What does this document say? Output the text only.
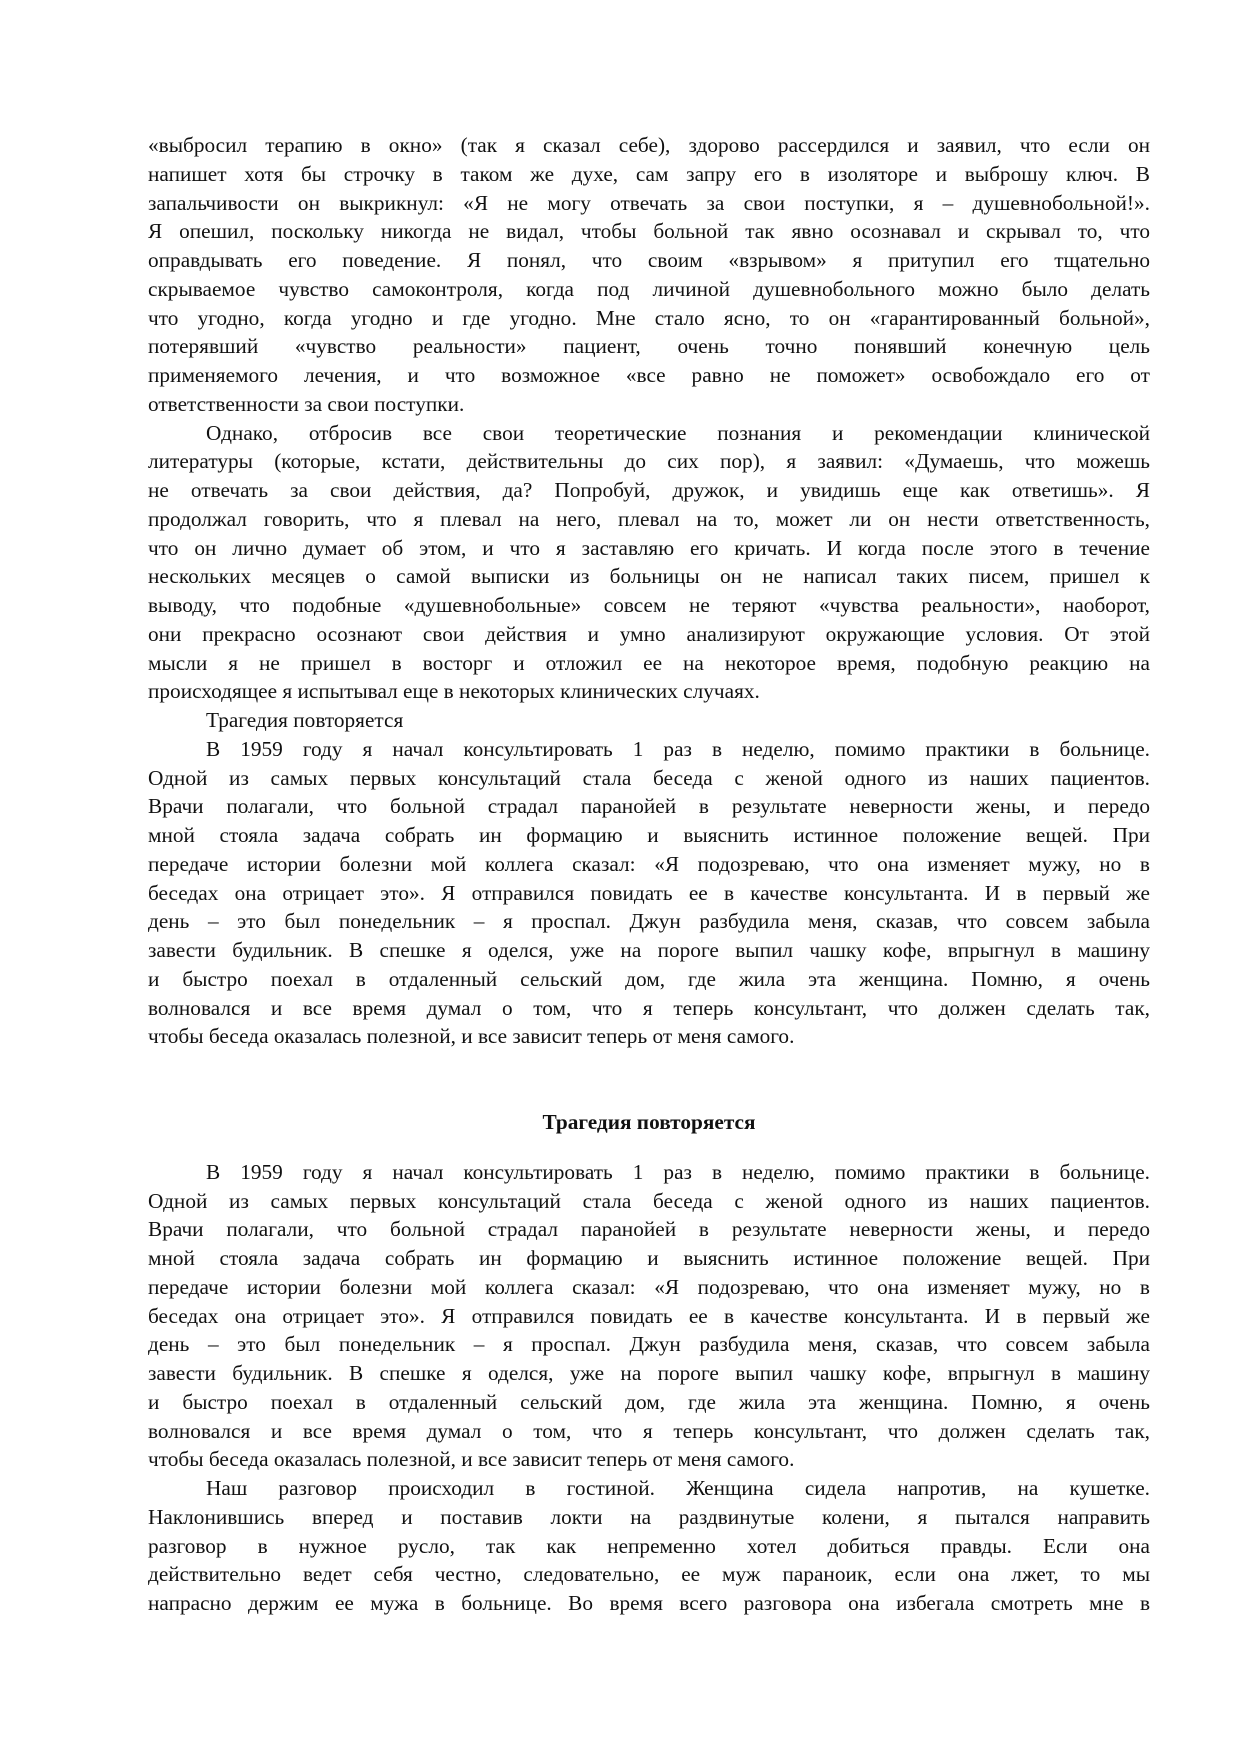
«выбросил терапию в окно» (так я сказал себе), здорово рассердился и заявил, что если он
напишет хотя бы строчку в таком же духе, сам запру его в изоляторе и выброшу ключ. В
запальчивости он выкрикнул: «Я не могу отвечать за свои поступки, я – душевнобольной!».
Я опешил, поскольку никогда не видал, чтобы больной так явно осознавал и скрывал то, что
оправдывать его поведение. Я понял, что своим «взрывом» я притупил его тщательно
скрываемое чувство самоконтроля, когда под личиной душевнобольного можно было делать
что угодно, когда угодно и где угодно. Мне стало ясно, то он «гарантированный больной»,
потерявший «чувство реальности» пациент, очень точно понявший конечную цель
применяемого лечения, и что возможное «все равно не поможет» освобождало его от
ответственности за свои поступки.
Однако, отбросив все свои теоретические познания и рекомендации клинической
литературы (которые, кстати, действительны до сих пор), я заявил: «Думаешь, что можешь
не отвечать за свои действия, да? Попробуй, дружок, и увидишь еще как ответишь». Я
продолжал говорить, что я плевал на него, плевал на то, может ли он нести ответственность,
что он лично думает об этом, и что я заставляю его кричать. И когда после этого в течение
нескольких месяцев о самой выписки из больницы он не написал таких писем, пришел к
выводу, что подобные «душевнобольные» совсем не теряют «чувства реальности», наоборот,
они прекрасно осознают свои действия и умно анализируют окружающие условия. От этой
мысли я не пришел в восторг и отложил ее на некоторое время, подобную реакцию на
происходящее я испытывал еще в некоторых клинических случаях.
Трагедия повторяется
В 1959 году я начал консультировать 1 раз в неделю, помимо практики в больнице.
Одной из самых первых консультаций стала беседа с женой одного из наших пациентов.
Врачи полагали, что больной страдал паранойей в результате неверности жены, и передо
мной стояла задача собрать ин формацию и выяснить истинное положение вещей. При
передаче истории болезни мой коллега сказал: «Я подозреваю, что она изменяет мужу, но в
беседах она отрицает это». Я отправился повидать ее в качестве консультанта. И в первый же
день – это был понедельник – я проспал. Джун разбудила меня, сказав, что совсем забыла
завести будильник. В спешке я оделся, уже на пороге выпил чашку кофе, впрыгнул в машину
и быстро поехал в отдаленный сельский дом, где жила эта женщина. Помню, я очень
волновался и все время думал о том, что я теперь консультант, что должен сделать так,
чтобы беседа оказалась полезной, и все зависит теперь от меня самого.
Трагедия повторяется
В 1959 году я начал консультировать 1 раз в неделю, помимо практики в больнице.
Одной из самых первых консультаций стала беседа с женой одного из наших пациентов.
Врачи полагали, что больной страдал паранойей в результате неверности жены, и передо
мной стояла задача собрать ин формацию и выяснить истинное положение вещей. При
передаче истории болезни мой коллега сказал: «Я подозреваю, что она изменяет мужу, но в
беседах она отрицает это». Я отправился повидать ее в качестве консультанта. И в первый же
день – это был понедельник – я проспал. Джун разбудила меня, сказав, что совсем забыла
завести будильник. В спешке я оделся, уже на пороге выпил чашку кофе, впрыгнул в машину
и быстро поехал в отдаленный сельский дом, где жила эта женщина. Помню, я очень
волновался и все время думал о том, что я теперь консультант, что должен сделать так,
чтобы беседа оказалась полезной, и все зависит теперь от меня самого.
Наш разговор происходил в гостиной. Женщина сидела напротив, на кушетке.
Наклонившись вперед и поставив локти на раздвинутые колени, я пытался направить
разговор в нужное русло, так как непременно хотел добиться правды. Если она
действительно ведет себя честно, следовательно, ее муж параноик, если она лжет, то мы
напрасно держим ее мужа в больнице. Во время всего разговора она избегала смотреть мне в
